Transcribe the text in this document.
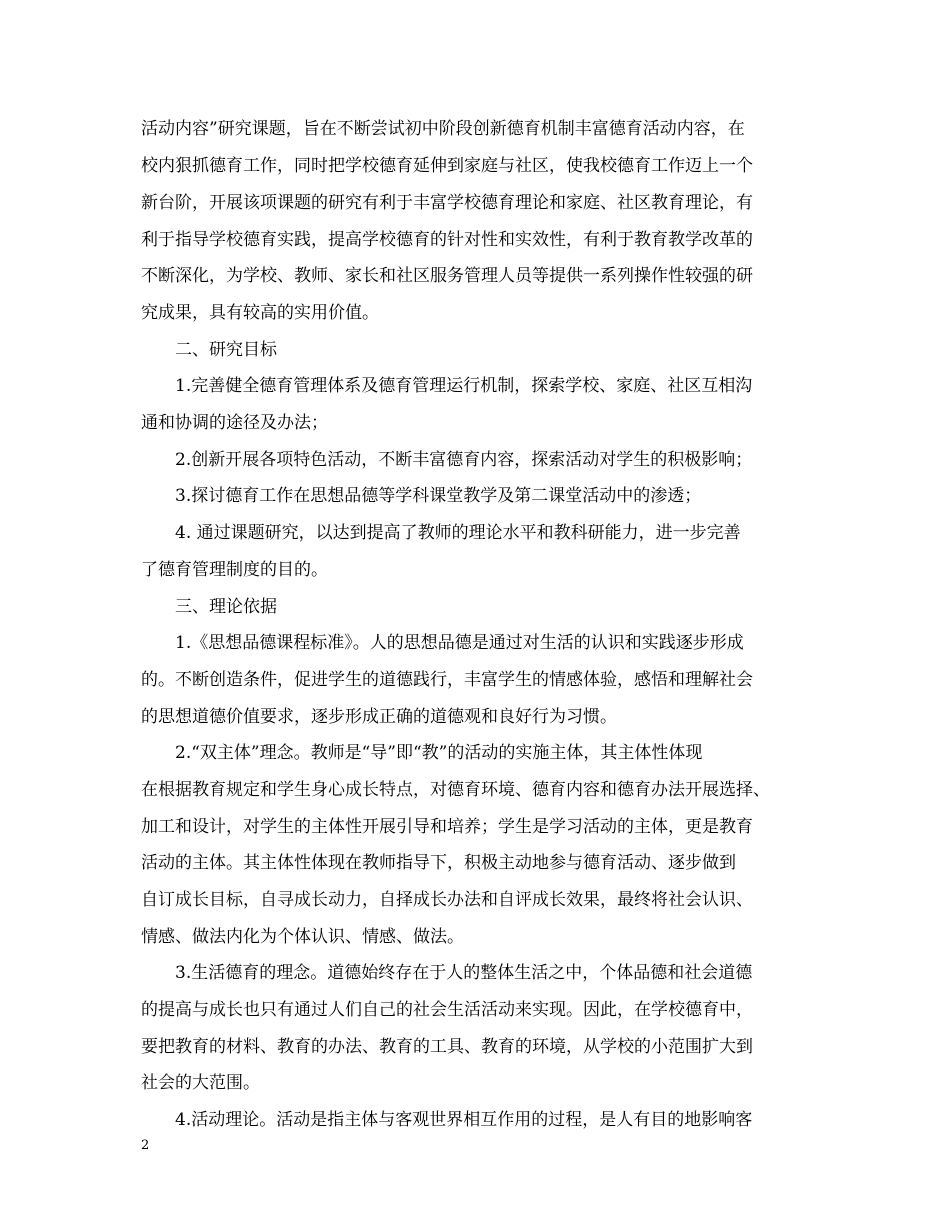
活动内容”研究课题，旨在不断尝试初中阶段创新德育机制丰富德育活动内容，在
校内狠抓德育工作，同时把学校德育延伸到家庭与社区，使我校德育工作迈上一个
新台阶，开展该项课题的研究有利于丰富学校德育理论和家庭、社区教育理论，有
利于指导学校德育实践，提高学校德育的针对性和实效性，有利于教育教学改革的
不断深化，为学校、教师、家长和社区服务管理人员等提供一系列操作性较强的研
究成果，具有较高的实用价值。
二、研究目标
1.完善健全德育管理体系及德育管理运行机制，探索学校、家庭、社区互相沟
通和协调的途径及办法；
2.创新开展各项特色活动，不断丰富德育内容，探索活动对学生的积极影响；
3.探讨德育工作在思想品德等学科课堂教学及第二课堂活动中的渗透；
4. 通过课题研究，以达到提高了教师的理论水平和教科研能力，进一步完善
了德育管理制度的目的。
三、理论依据
1.《思想品德课程标准》。人的思想品德是通过对生活的认识和实践逐步形成
的。不断创造条件，促进学生的道德践行，丰富学生的情感体验，感悟和理解社会
的思想道德价值要求，逐步形成正确的道德观和良好行为习惯。
2.“双主体”理念。教师是“导”即“教”的活动的实施主体，其主体性体现
在根据教育规定和学生身心成长特点，对德育环境、德育内容和德育办法开展选择、
加工和设计，对学生的主体性开展引导和培养；学生是学习活动的主体，更是教育
活动的主体。其主体性体现在教师指导下，积极主动地参与德育活动、逐步做到
自订成长目标，自寻成长动力，自择成长办法和自评成长效果，最终将社会认识、
情感、做法内化为个体认识、情感、做法。
3.生活德育的理念。道德始终存在于人的整体生活之中，个体品德和社会道德
的提高与成长也只有通过人们自己的社会生活活动来实现。因此，在学校德育中，
要把教育的材料、教育的办法、教育的工具、教育的环境，从学校的小范围扩大到
社会的大范围。
4.活动理论。活动是指主体与客观世界相互作用的过程，是人有目的地影响客
2
